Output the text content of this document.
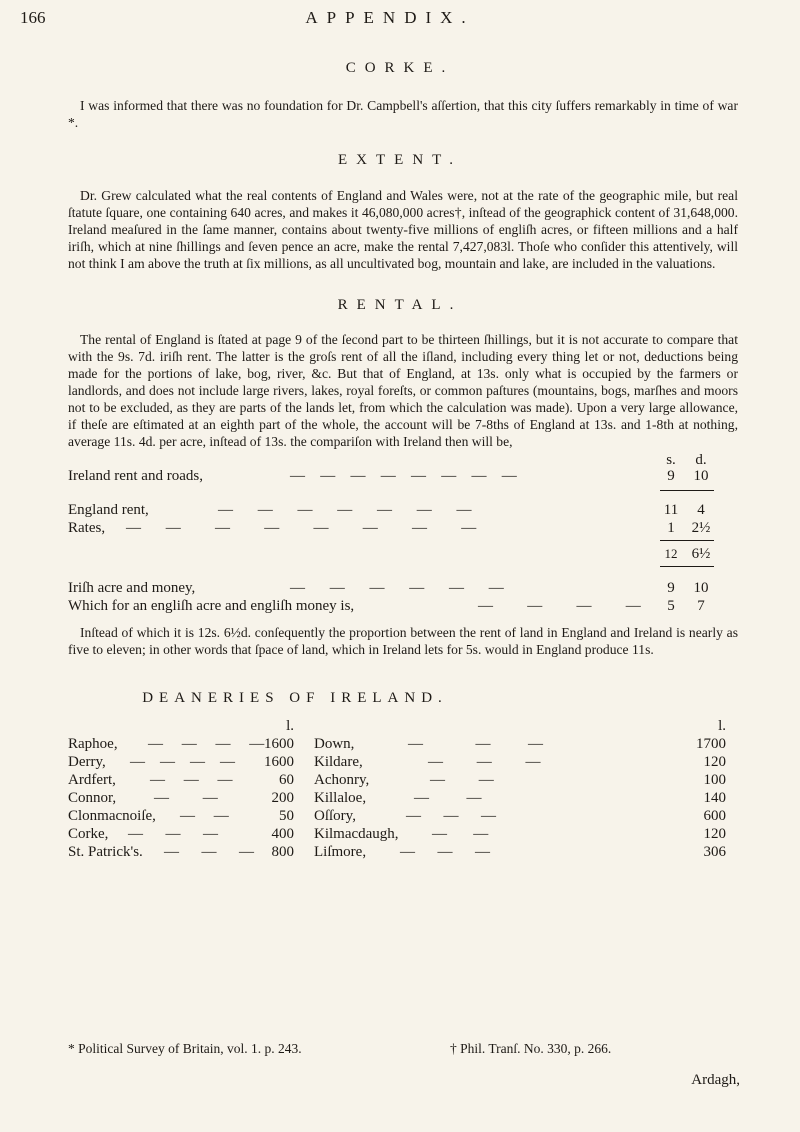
166	APPENDIX.
CORKE.
I was informed that there was no foundation for Dr. Campbell's aſſertion, that this city ſuffers remarkably in time of war *.
EXTENT.
Dr. Grew calculated what the real contents of England and Wales were, not at the rate of the geographic mile, but real ſtatute ſquare, one containing 640 acres, and makes it 46,080,000 acres†, inſtead of the geographick content of 31,648,000. Ireland meaſured in the ſame manner, contains about twenty-five millions of engliſh acres, or fifteen millions and a half iriſh, which at nine ſhillings and ſeven pence an acre, make the rental 7,427,083l. Thoſe who conſider this attentively, will not think I am above the truth at ſix millions, as all uncultivated bog, mountain and lake, are included in the valuations.
RENTAL.
The rental of England is ſtated at page 9 of the ſecond part to be thirteen ſhillings, but it is not accurate to compare that with the 9s. 7d. iriſh rent. The latter is the groſs rent of all the iſland, including every thing let or not, deductions being made for the portions of lake, bog, river, &c. But that of England, at 13s. only what is occupied by the farmers or landlords, and does not include large rivers, lakes, royal foreſts, or common paſtures (mountains, bogs, marſhes and moors not to be excluded, as they are parts of the lands let, from which the calculation was made). Upon a very large allowance, if theſe are eſtimated at an eighth part of the whole, the account will be 7-8ths of England at 13s. and 1-8th at nothing, average 11s. 4d. per acre, inſtead of 13s. the compariſon with Ireland then will be,
s.	d.
Ireland rent and roads,	—   —   —   —   —   —   —   —	9	10
England rent,	—     —     —     —     —     —     —	11	4
Rates, —     —       —       —       —       —       —       —	1	2½
12 6½
Iriſh acre and money,	—     —     —     —     —     —	9	10
Which for an engliſh acre and engliſh money is,	—       —       —       —	5	7
Inſtead of which it is 12s. 6½d. conſequently the proportion between the rent of land in England and Ireland is nearly as five to eleven; in other words that ſpace of land, which in Ireland lets for 5s. would in England produce 11s.
DEANERIES OF IRELAND.
l.	l.
Raphoe, —     —     —     — 1600 Down,	—              —          —	1700
Derry, —    —    —    —	1600 Kildare,	—         —         —	120
Ardfert, —     —     —	60 Achonry,	—         —	100
Connor,	—         —	200 Killaloe,	—          —	140
Clonmacnoiſe, —     —	50 Oſſory,	—      —      —	600
Corke, —      —      —	400 Kilmacdaugh, —       —	120
St. Patrick's. —      —      —	800 Liſmore, —      —      —	306
* Political Survey of Britain, vol. 1. p. 243.	† Phil. Tranſ. No. 330, p. 266.
Ardagh,
